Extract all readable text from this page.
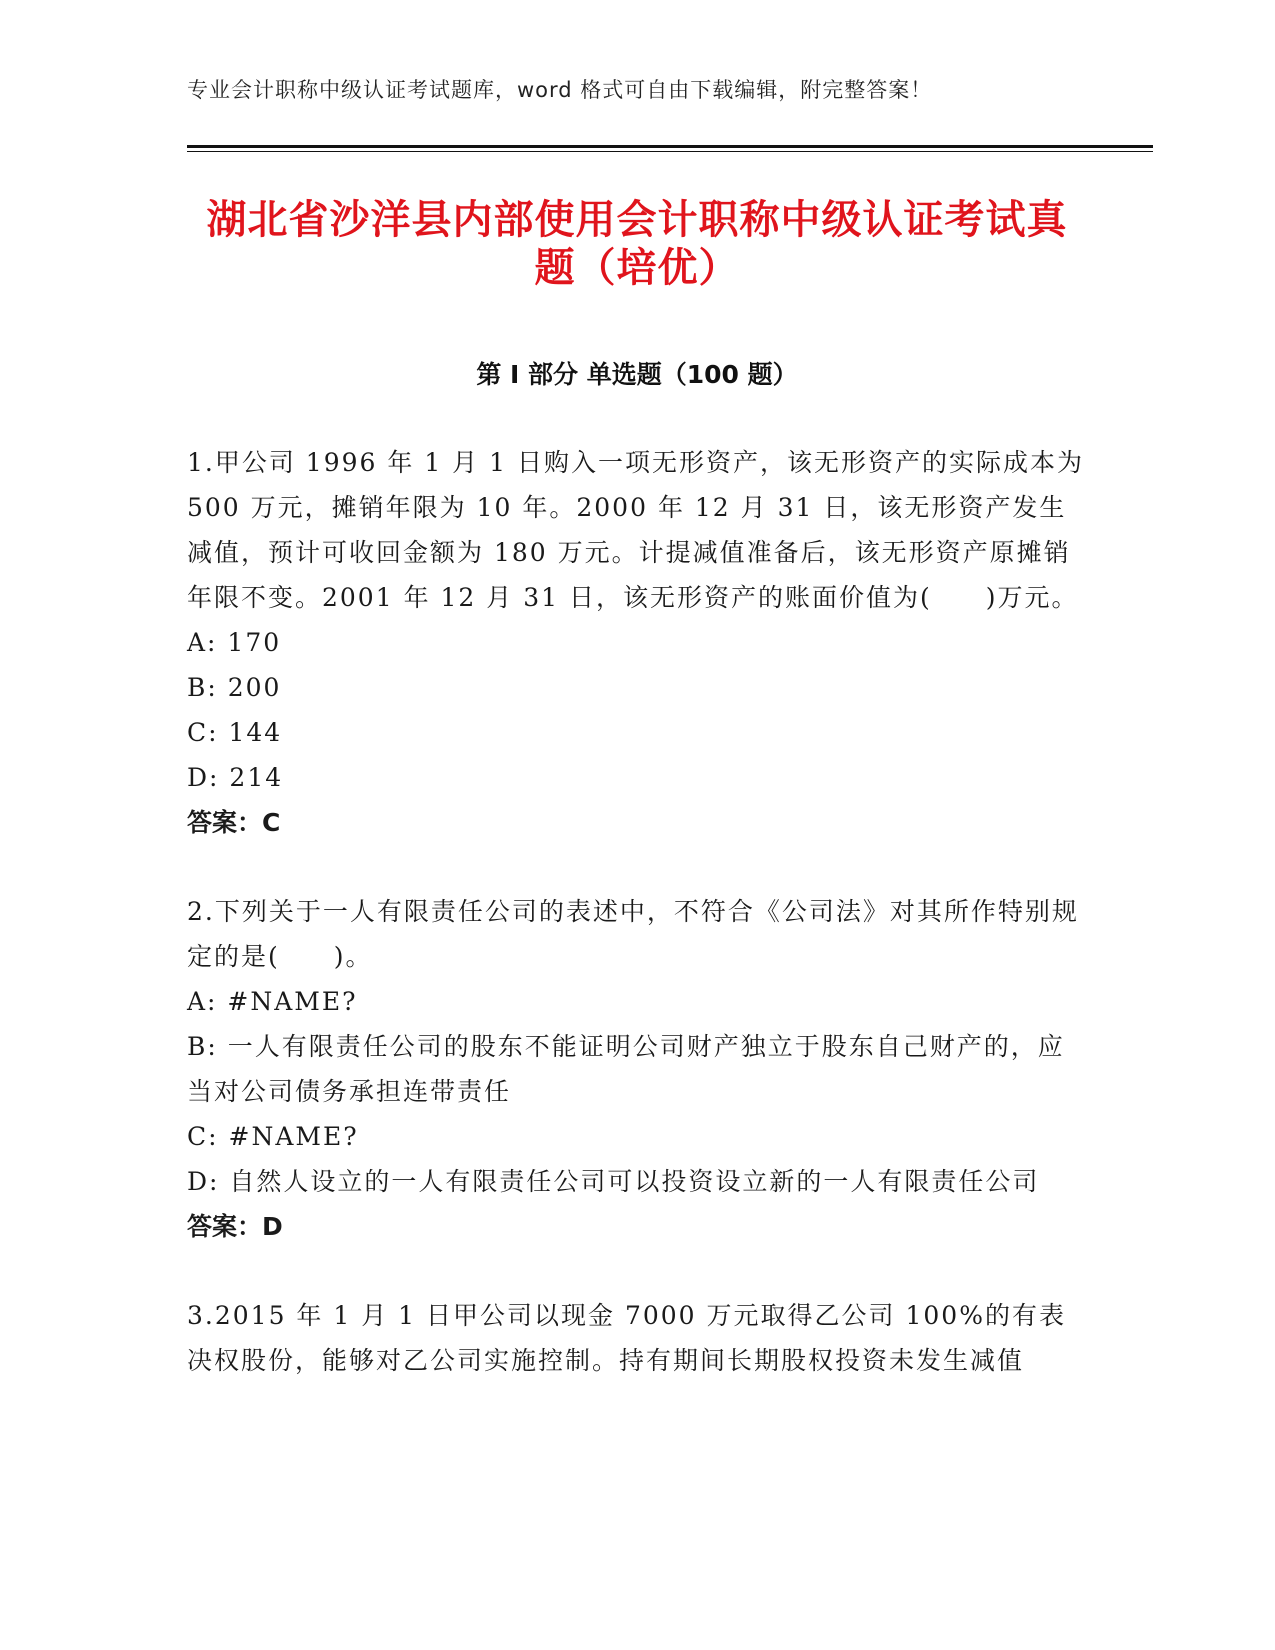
专业会计职称中级认证考试题库，word 格式可自由下载编辑，附完整答案！
湖北省沙洋县内部使用会计职称中级认证考试真题（培优）
第 I 部分 单选题（100 题）

1.甲公司 1996 年 1 月 1 日购入一项无形资产，该无形资产的实际成本为 500 万元，摊销年限为 10 年。2000 年 12 月 31 日，该无形资产发生减值，预计可收回金额为 180 万元。计提减值准备后，该无形资产原摊销年限不变。2001 年 12 月 31 日，该无形资产的账面价值为(　　)万元。

A: 170

B: 200

C: 144

D: 214

答案：C

2.下列关于一人有限责任公司的表述中，不符合《公司法》对其所作特别规定的是(　　)。

A: #NAME?

B: 一人有限责任公司的股东不能证明公司财产独立于股东自己财产的，应当对公司债务承担连带责任

C: #NAME?

D: 自然人设立的一人有限责任公司可以投资设立新的一人有限责任公司

答案：D

3.2015 年 1 月 1 日甲公司以现金 7000 万元取得乙公司 100%的有表决权股份，能够对乙公司实施控制。持有期间长期股权投资未发生减值
